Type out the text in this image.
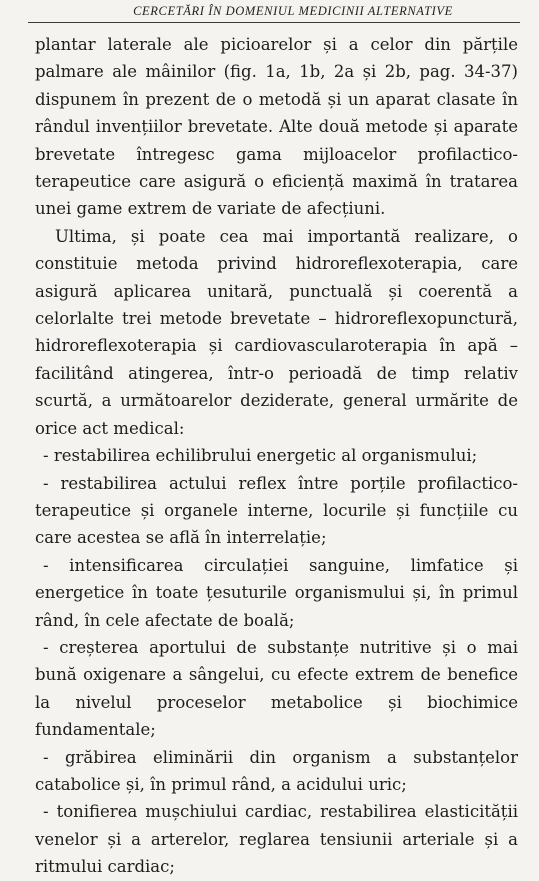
CERCETĂRI ÎN DOMENIUL MEDICINII ALTERNATIVE

plantar laterale ale picioarelor și a celor din părțile palmare ale mâinilor (fig. 1a, 1b, 2a și 2b, pag. 34-37) dispunem în prezent de o metodă și un aparat clasate în rândul invențiilor brevetate. Alte două metode și aparate brevetate întregesc gama mijloacelor profilactico-terapeutice care asigură o eficiență maximă în tratarea unei game extrem de variate de afecțiuni.

Ultima, și poate cea mai importantă realizare, o constituie metoda privind hidroreflexoterapia, care asigură aplicarea unitară, punctuală și coerentă a celorlalte trei metode brevetate – hidroreflexopunctură, hidroreflexoterapia și cardiovascularoterapia în apă – facilitând atingerea, într-o perioadă de timp relativ scurtă, a următoarelor deziderate, general urmărite de orice act medical:

- restabilirea echilibrului energetic al organismului;

- restabilirea actului reflex între porțile profilactico-terapeutice și organele interne, locurile și funcțiile cu care acestea se află în interrelație;

- intensificarea circulației sanguine, limfatice și energetice în toate țesuturile organismului și, în primul rând, în cele afectate de boală;

- creșterea aportului de substanțe nutritive și o mai bună oxigenare a sângelui, cu efecte extrem de benefice la nivelul proceselor metabolice și biochimice fundamentale;

- grăbirea eliminării din organism a substanțelor catabolice și, în primul rând, a acidului uric;

- tonifierea mușchiului cardiac, restabilirea elasticității venelor și a arterelor, reglarea tensiunii arteriale și a ritmului cardiac;
